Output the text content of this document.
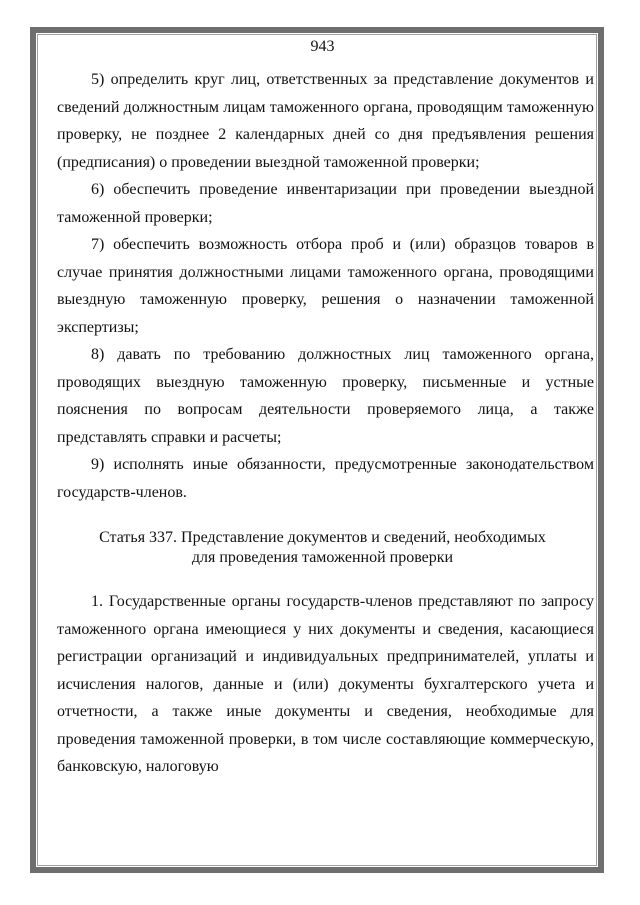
943

5) определить круг лиц, ответственных за представление документов и сведений должностным лицам таможенного органа, проводящим таможенную проверку, не позднее 2 календарных дней со дня предъявления решения (предписания) о проведении выездной таможенной проверки;

6) обеспечить проведение инвентаризации при проведении выездной таможенной проверки;

7) обеспечить возможность отбора проб и (или) образцов товаров в случае принятия должностными лицами таможенного органа, проводящими выездную таможенную проверку, решения о назначении таможенной экспертизы;

8) давать по требованию должностных лиц таможенного органа, проводящих выездную таможенную проверку, письменные и устные пояснения по вопросам деятельности проверяемого лица, а также представлять справки и расчеты;

9) исполнять иные обязанности, предусмотренные законодательством государств-членов.

Статья 337. Представление документов и сведений, необходимых
для проведения таможенной проверки

1. Государственные органы государств-членов представляют по запросу таможенного органа имеющиеся у них документы и сведения, касающиеся регистрации организаций и индивидуальных предпринимателей, уплаты и исчисления налогов, данные и (или) документы бухгалтерского учета и отчетности, а также иные документы и сведения, необходимые для проведения таможенной проверки, в том числе составляющие коммерческую, банковскую, налоговую
